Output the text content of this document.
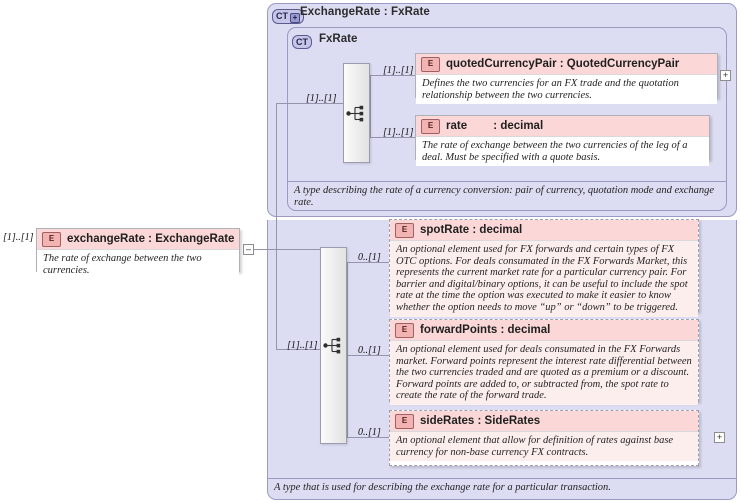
CT + ExchangeRate : FxRate
CT FxRate
[1]..[1]	E	exchangeRate : ExchangeRate
The rate of exchange between the two currencies.
–
[1]..[1]
[1]..[1]
E	quotedCurrencyPair : QuotedCurrencyPair
Defines the two currencies for an FX trade and the quotation relationship between the two currencies.
+
[1]..[1]
E	rate   : decimal
The rate of exchange between the two currencies of the leg of a deal. Must be specified with a quote basis.
A type describing the rate of a currency conversion: pair of currency, quotation mode and exchange rate.
[1]..[1]
0..[1]
E	spotRate : decimal
An optional element used for FX forwards and certain types of FX OTC options. For deals consumated in the FX Forwards Market, this represents the current market rate for a particular currency pair. For barrier and digital/binary options, it can be useful to include the spot rate at the time the option was executed to make it easier to know whether the option needs to move “up” or “down” to be triggered.
0..[1]
E	forwardPoints : decimal
An optional element used for deals consumated in the FX Forwards market. Forward points represent the interest rate differential between the two currencies traded and are quoted as a premium or a discount. Forward points are added to, or subtracted from, the spot rate to create the rate of the forward trade.
0..[1]
E	sideRates : SideRates
An optional element that allow for definition of rates against base currency for non-base currency FX contracts.
+
A type that is used for describing the exchange rate for a particular transaction.
